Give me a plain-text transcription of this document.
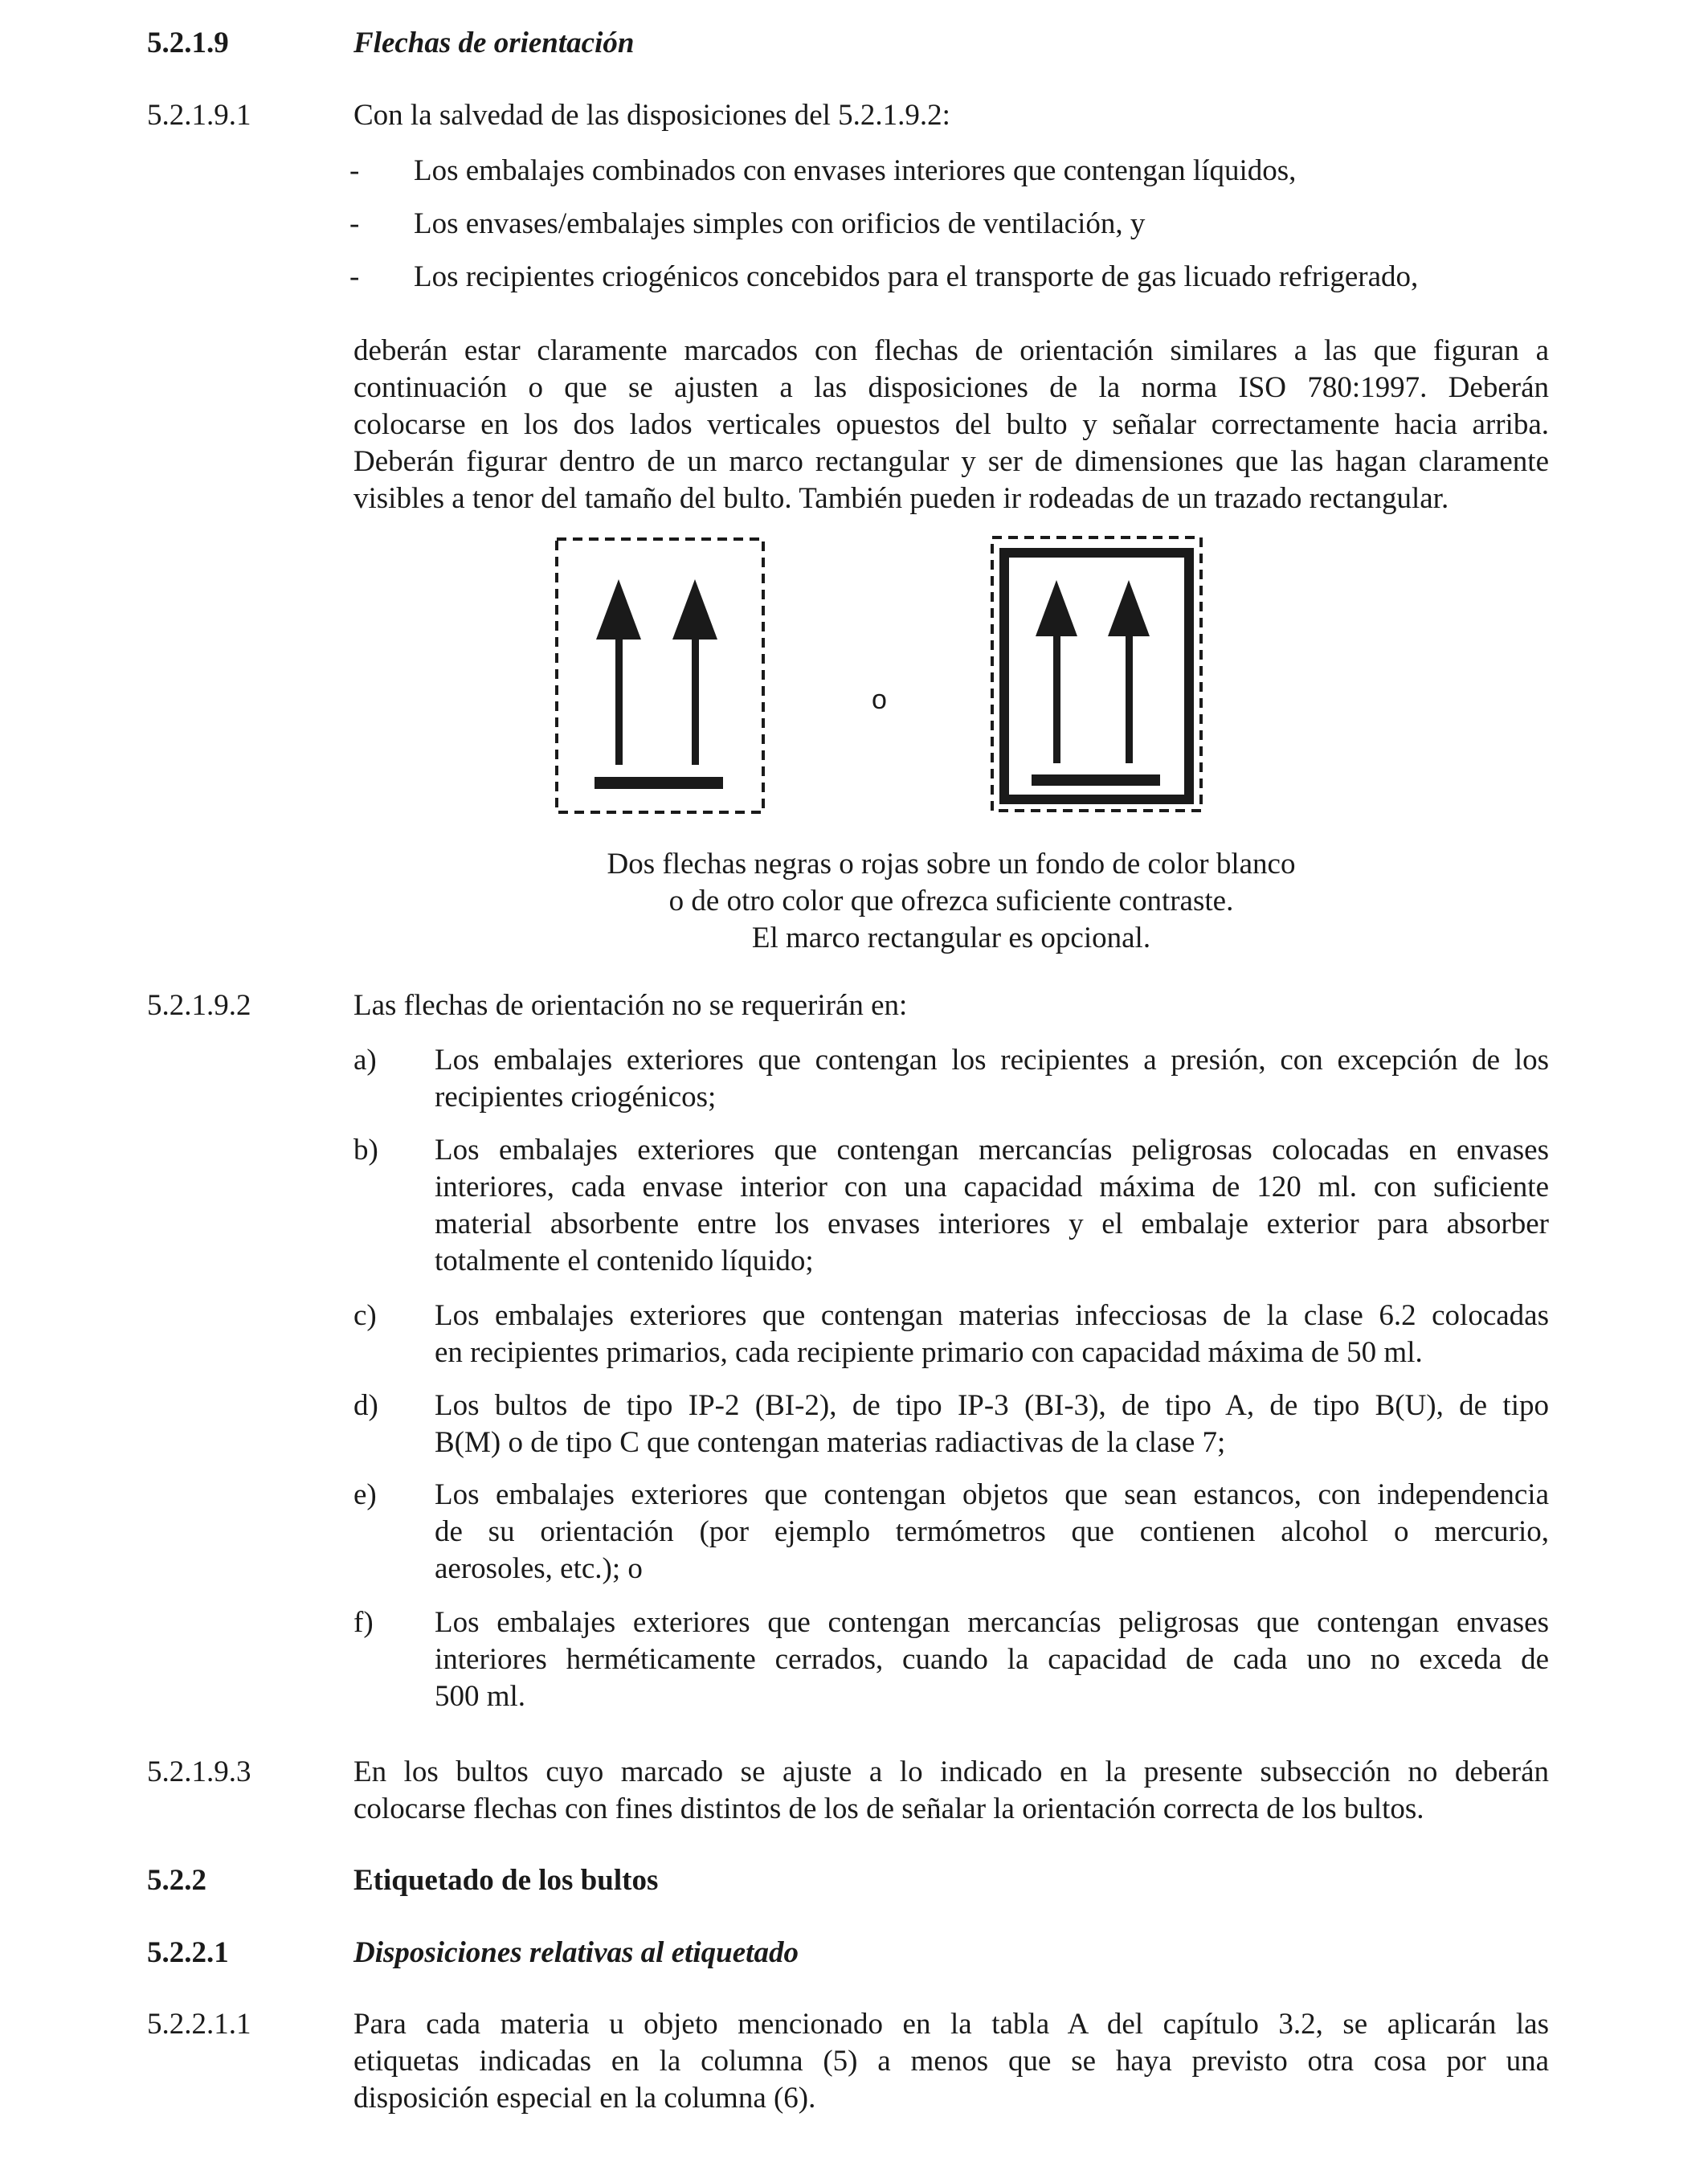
5.2.1.9	Flechas de orientación
5.2.1.9.1	Con la salvedad de las disposiciones del 5.2.1.9.2:
- Los embalajes combinados con envases interiores que contengan líquidos,
- Los envases/embalajes simples con orificios de ventilación, y
- Los recipientes criogénicos concebidos para el transporte de gas licuado refrigerado,
deberán estar claramente marcados con flechas de orientación similares a las que figuran a
continuación o que se ajusten a las disposiciones de la norma ISO 780:1997. Deberán
colocarse en los dos lados verticales opuestos del bulto y señalar correctamente hacia arriba.
Deberán figurar dentro de un marco rectangular y ser de dimensiones que las hagan claramente
visibles a tenor del tamaño del bulto. También pueden ir rodeadas de un trazado rectangular.
o
Dos flechas negras o rojas sobre un fondo de color blanco
o de otro color que ofrezca suficiente contraste.
El marco rectangular es opcional.
5.2.1.9.2	Las flechas de orientación no se requerirán en:
a) Los embalajes exteriores que contengan los recipientes a presión, con excepción de los
recipientes criogénicos;
b) Los embalajes exteriores que contengan mercancías peligrosas colocadas en envases
interiores, cada envase interior con una capacidad máxima de 120 ml. con suficiente
material absorbente entre los envases interiores y el embalaje exterior para absorber
totalmente el contenido líquido;
c) Los embalajes exteriores que contengan materias infecciosas de la clase 6.2 colocadas
en recipientes primarios, cada recipiente primario con capacidad máxima de 50 ml.
d) Los bultos de tipo IP-2 (BI-2), de tipo IP-3 (BI-3), de tipo A, de tipo B(U), de tipo
B(M) o de tipo C que contengan materias radiactivas de la clase 7;
e) Los embalajes exteriores que contengan objetos que sean estancos, con independencia
de su orientación (por ejemplo termómetros que contienen alcohol o mercurio,
aerosoles, etc.); o
f) Los embalajes exteriores que contengan mercancías peligrosas que contengan envases
interiores herméticamente cerrados, cuando la capacidad de cada uno no exceda de
500 ml.
5.2.1.9.3	En los bultos cuyo marcado se ajuste a lo indicado en la presente subsección no deberán
colocarse flechas con fines distintos de los de señalar la orientación correcta de los bultos.
5.2.2	Etiquetado de los bultos
5.2.2.1	Disposiciones relativas al etiquetado
5.2.2.1.1	Para cada materia u objeto mencionado en la tabla A del capítulo 3.2, se aplicarán las
etiquetas indicadas en la columna (5) a menos que se haya previsto otra cosa por una
disposición especial en la columna (6).
